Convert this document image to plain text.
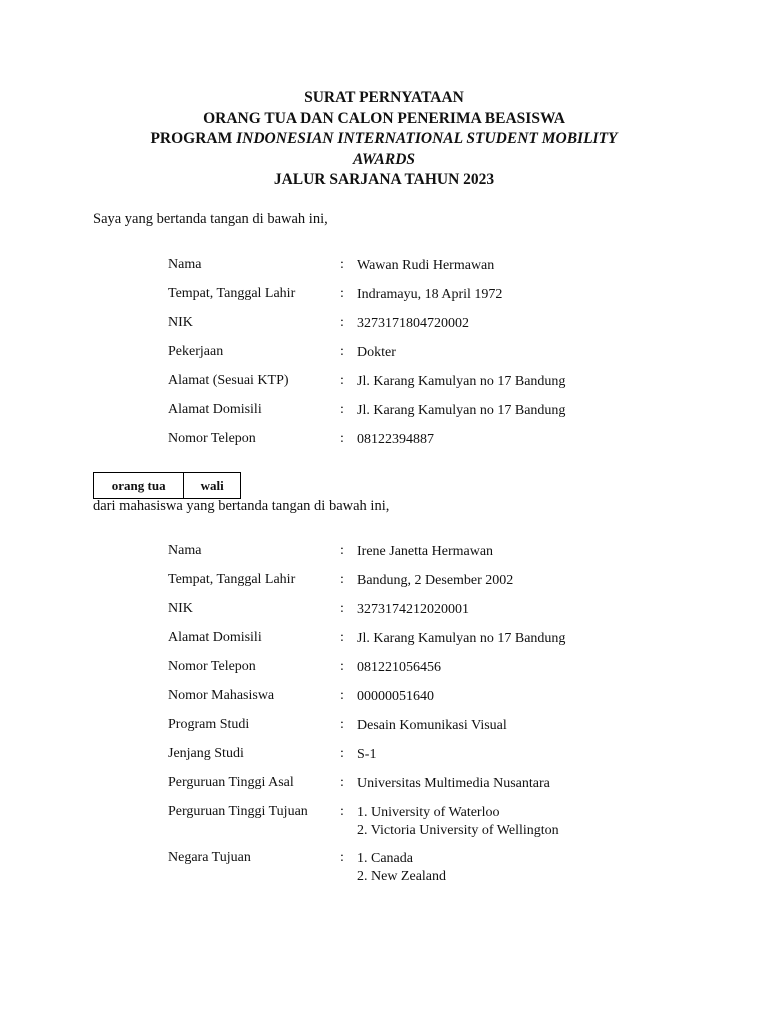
SURAT PERNYATAAN
ORANG TUA DAN CALON PENERIMA BEASISWA
PROGRAM INDONESIAN INTERNATIONAL STUDENT MOBILITY
AWARDS
JALUR SARJANA TAHUN 2023
Saya yang bertanda tangan di bawah ini,
Nama	: Wawan Rudi Hermawan
Tempat, Tanggal Lahir	: Indramayu, 18 April 1972
NIK	: 3273171804720002
Pekerjaan	: Dokter
Alamat (Sesuai KTP)	: Jl. Karang Kamulyan no 17 Bandung
Alamat Domisili	: Jl. Karang Kamulyan no 17 Bandung
Nomor Telepon	: 08122394887
orang tua	wali
dari mahasiswa yang bertanda tangan di bawah ini,
Nama	: Irene Janetta Hermawan
Tempat, Tanggal Lahir	: Bandung, 2 Desember 2002
NIK	: 3273174212020001
Alamat Domisili	: Jl. Karang Kamulyan no 17 Bandung
Nomor Telepon	: 081221056456
Nomor Mahasiswa	: 00000051640
Program Studi	: Desain Komunikasi Visual
Jenjang Studi	: S-1
Perguruan Tinggi Asal	: Universitas Multimedia Nusantara
Perguruan Tinggi Tujuan	: 1. University of Waterloo
2. Victoria University of Wellington
Negara Tujuan	: 1. Canada
2. New Zealand
